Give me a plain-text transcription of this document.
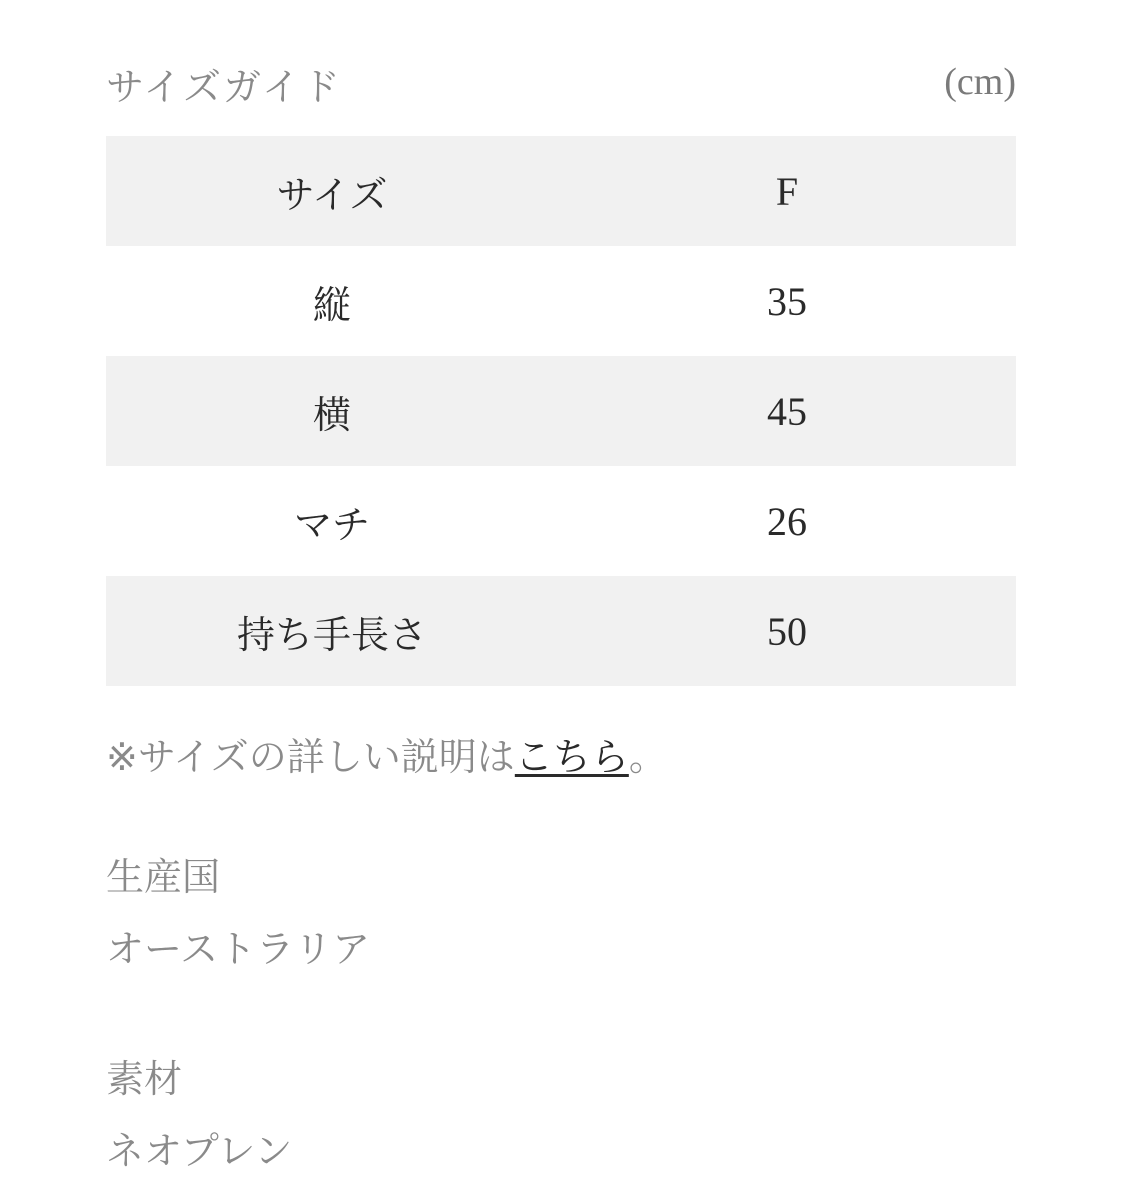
サイズガイド	(cm)
サイズ	F
縦	35
横	45
マチ	26
持ち手長さ	50
※サイズの詳しい説明はこちら。
生産国
オーストラリア
素材
ネオプレン
